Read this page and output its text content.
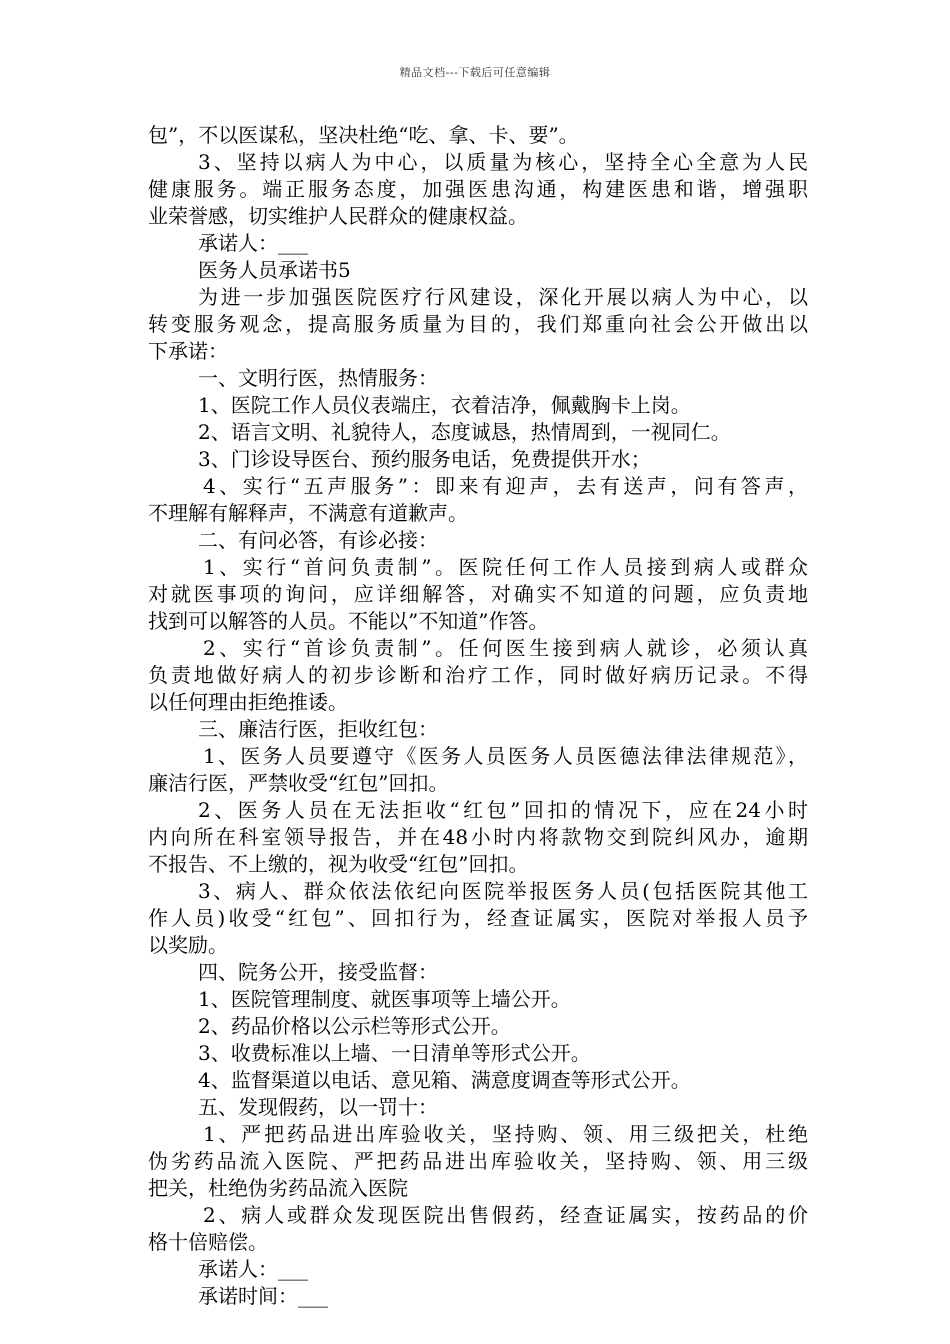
精品文档---下载后可任意编辑
包”，不以医谋私，坚决杜绝“吃、拿、卡、要”。
3、坚持以病人为中心，以质量为核心，坚持全心全意为人民
健康服务。端正服务态度，加强医患沟通，构建医患和谐，增强职
业荣誉感，切实维护人民群众的健康权益。
承诺人：___
医务人员承诺书5
为进一步加强医院医疗行风建设，深化开展以病人为中心，以
转变服务观念，提高服务质量为目的，我们郑重向社会公开做出以
下承诺：
一、文明行医，热情服务：
1、医院工作人员仪表端庄，衣着洁净，佩戴胸卡上岗。
2、语言文明、礼貌待人，态度诚恳，热情周到，一视同仁。
3、门诊设导医台、预约服务电话，免费提供开水；
4、实行“五声服务”：即来有迎声，去有送声，问有答声，
不理解有解释声，不满意有道歉声。
二、有问必答，有诊必接：
1、实行“首问负责制”。医院任何工作人员接到病人或群众
对就医事项的询问，应详细解答，对确实不知道的问题，应负责地
找到可以解答的人员。不能以”不知道”作答。
2、实行“首诊负责制”。任何医生接到病人就诊，必须认真
负责地做好病人的初步诊断和治疗工作，同时做好病历记录。不得
以任何理由拒绝推诿。
三、廉洁行医，拒收红包：
1、医务人员要遵守《医务人员医务人员医德法律法律规范》，
廉洁行医，严禁收受“红包”回扣。
2、医务人员在无法拒收“红包”回扣的情况下，应在24小时
内向所在科室领导报告，并在48小时内将款物交到院纠风办，逾期
不报告、不上缴的，视为收受“红包”回扣。
3、病人、群众依法依纪向医院举报医务人员(包括医院其他工
作人员)收受“红包”、回扣行为，经查证属实，医院对举报人员予
以奖励。
四、院务公开，接受监督：
1、医院管理制度、就医事项等上墙公开。
2、药品价格以公示栏等形式公开。
3、收费标准以上墙、一日清单等形式公开。
4、监督渠道以电话、意见箱、满意度调查等形式公开。
五、发现假药，以一罚十：
1、严把药品进出库验收关，坚持购、领、用三级把关，杜绝
伪劣药品流入医院、严把药品进出库验收关，坚持购、领、用三级
把关，杜绝伪劣药品流入医院
2、病人或群众发现医院出售假药，经查证属实，按药品的价
格十倍赔偿。
承诺人：___
承诺时间：___
